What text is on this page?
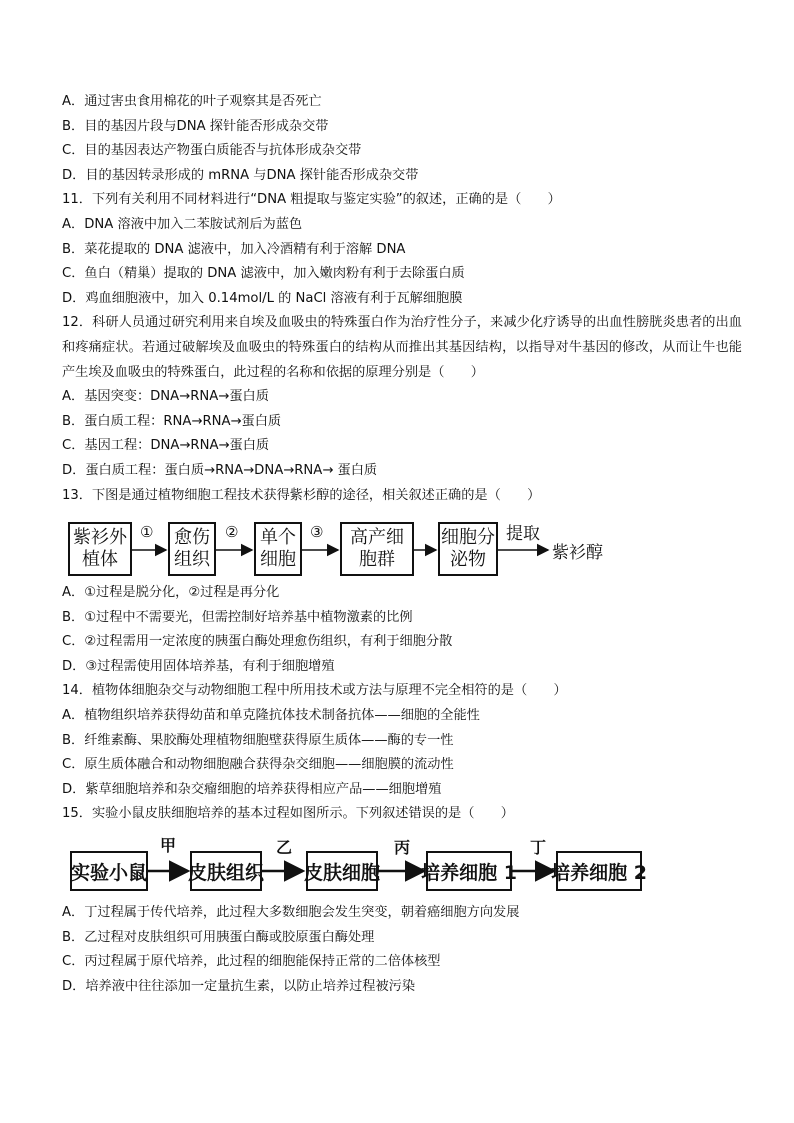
A．通过害虫食用棉花的叶子观察其是否死亡
B．目的基因片段与DNA 探针能否形成杂交带
C．目的基因表达产物蛋白质能否与抗体形成杂交带
D．目的基因转录形成的 mRNA 与DNA 探针能否形成杂交带
11．下列有关利用不同材料进行“DNA 粗提取与鉴定实验”的叙述，正确的是（　　）
A．DNA 溶液中加入二苯胺试剂后为蓝色
B．菜花提取的 DNA 滤液中，加入冷酒精有利于溶解 DNA
C．鱼白（精巢）提取的 DNA 滤液中，加入嫩肉粉有利于去除蛋白质
D．鸡血细胞液中，加入 0.14mol/L 的 NaCl 溶液有利于瓦解细胞膜
12．科研人员通过研究利用来自埃及血吸虫的特殊蛋白作为治疗性分子，来减少化疗诱导的出血性膀胱炎患者的出血和疼痛症状。若通过破解埃及血吸虫的特殊蛋白的结构从而推出其基因结构，以指导对牛基因的修改，从而让牛也能产生埃及血吸虫的特殊蛋白，此过程的名称和依据的原理分别是（　　）
A．基因突变：DNA→RNA→蛋白质
B．蛋白质工程：RNA→RNA→蛋白质
C．基因工程：DNA→RNA→蛋白质
D．蛋白质工程：蛋白质→RNA→DNA→RNA→ 蛋白质
13．下图是通过植物细胞工程技术获得紫杉醇的途径，相关叙述正确的是（　　）
紫衫外植体
①	愈伤组织
②	单个细胞
③	高产细胞群
细胞分泌物
提取
紫衫醇
A．①过程是脱分化，②过程是再分化
B．①过程中不需要光，但需控制好培养基中植物激素的比例
C．②过程需用一定浓度的胰蛋白酶处理愈伤组织，有利于细胞分散
D．③过程需使用固体培养基，有利于细胞增殖
14．植物体细胞杂交与动物细胞工程中所用技术或方法与原理不完全相符的是（　　）
A．植物组织培养获得幼苗和单克隆抗体技术制备抗体——细胞的全能性
B．纤维素酶、果胶酶处理植物细胞壁获得原生质体——酶的专一性
C．原生质体融合和动物细胞融合获得杂交细胞——细胞膜的流动性
D．紫草细胞培养和杂交瘤细胞的培养获得相应产品——细胞增殖
15．实验小鼠皮肤细胞培养的基本过程如图所示。下列叙述错误的是（　　）
实验小鼠
甲
皮肤组织
乙
皮肤细胞
丙
培养细胞 1
丁
培养细胞 2
A．丁过程属于传代培养，此过程大多数细胞会发生突变，朝着癌细胞方向发展
B．乙过程对皮肤组织可用胰蛋白酶或胶原蛋白酶处理
C．丙过程属于原代培养，此过程的细胞能保持正常的二倍体核型
D．培养液中往往添加一定量抗生素，以防止培养过程被污染
